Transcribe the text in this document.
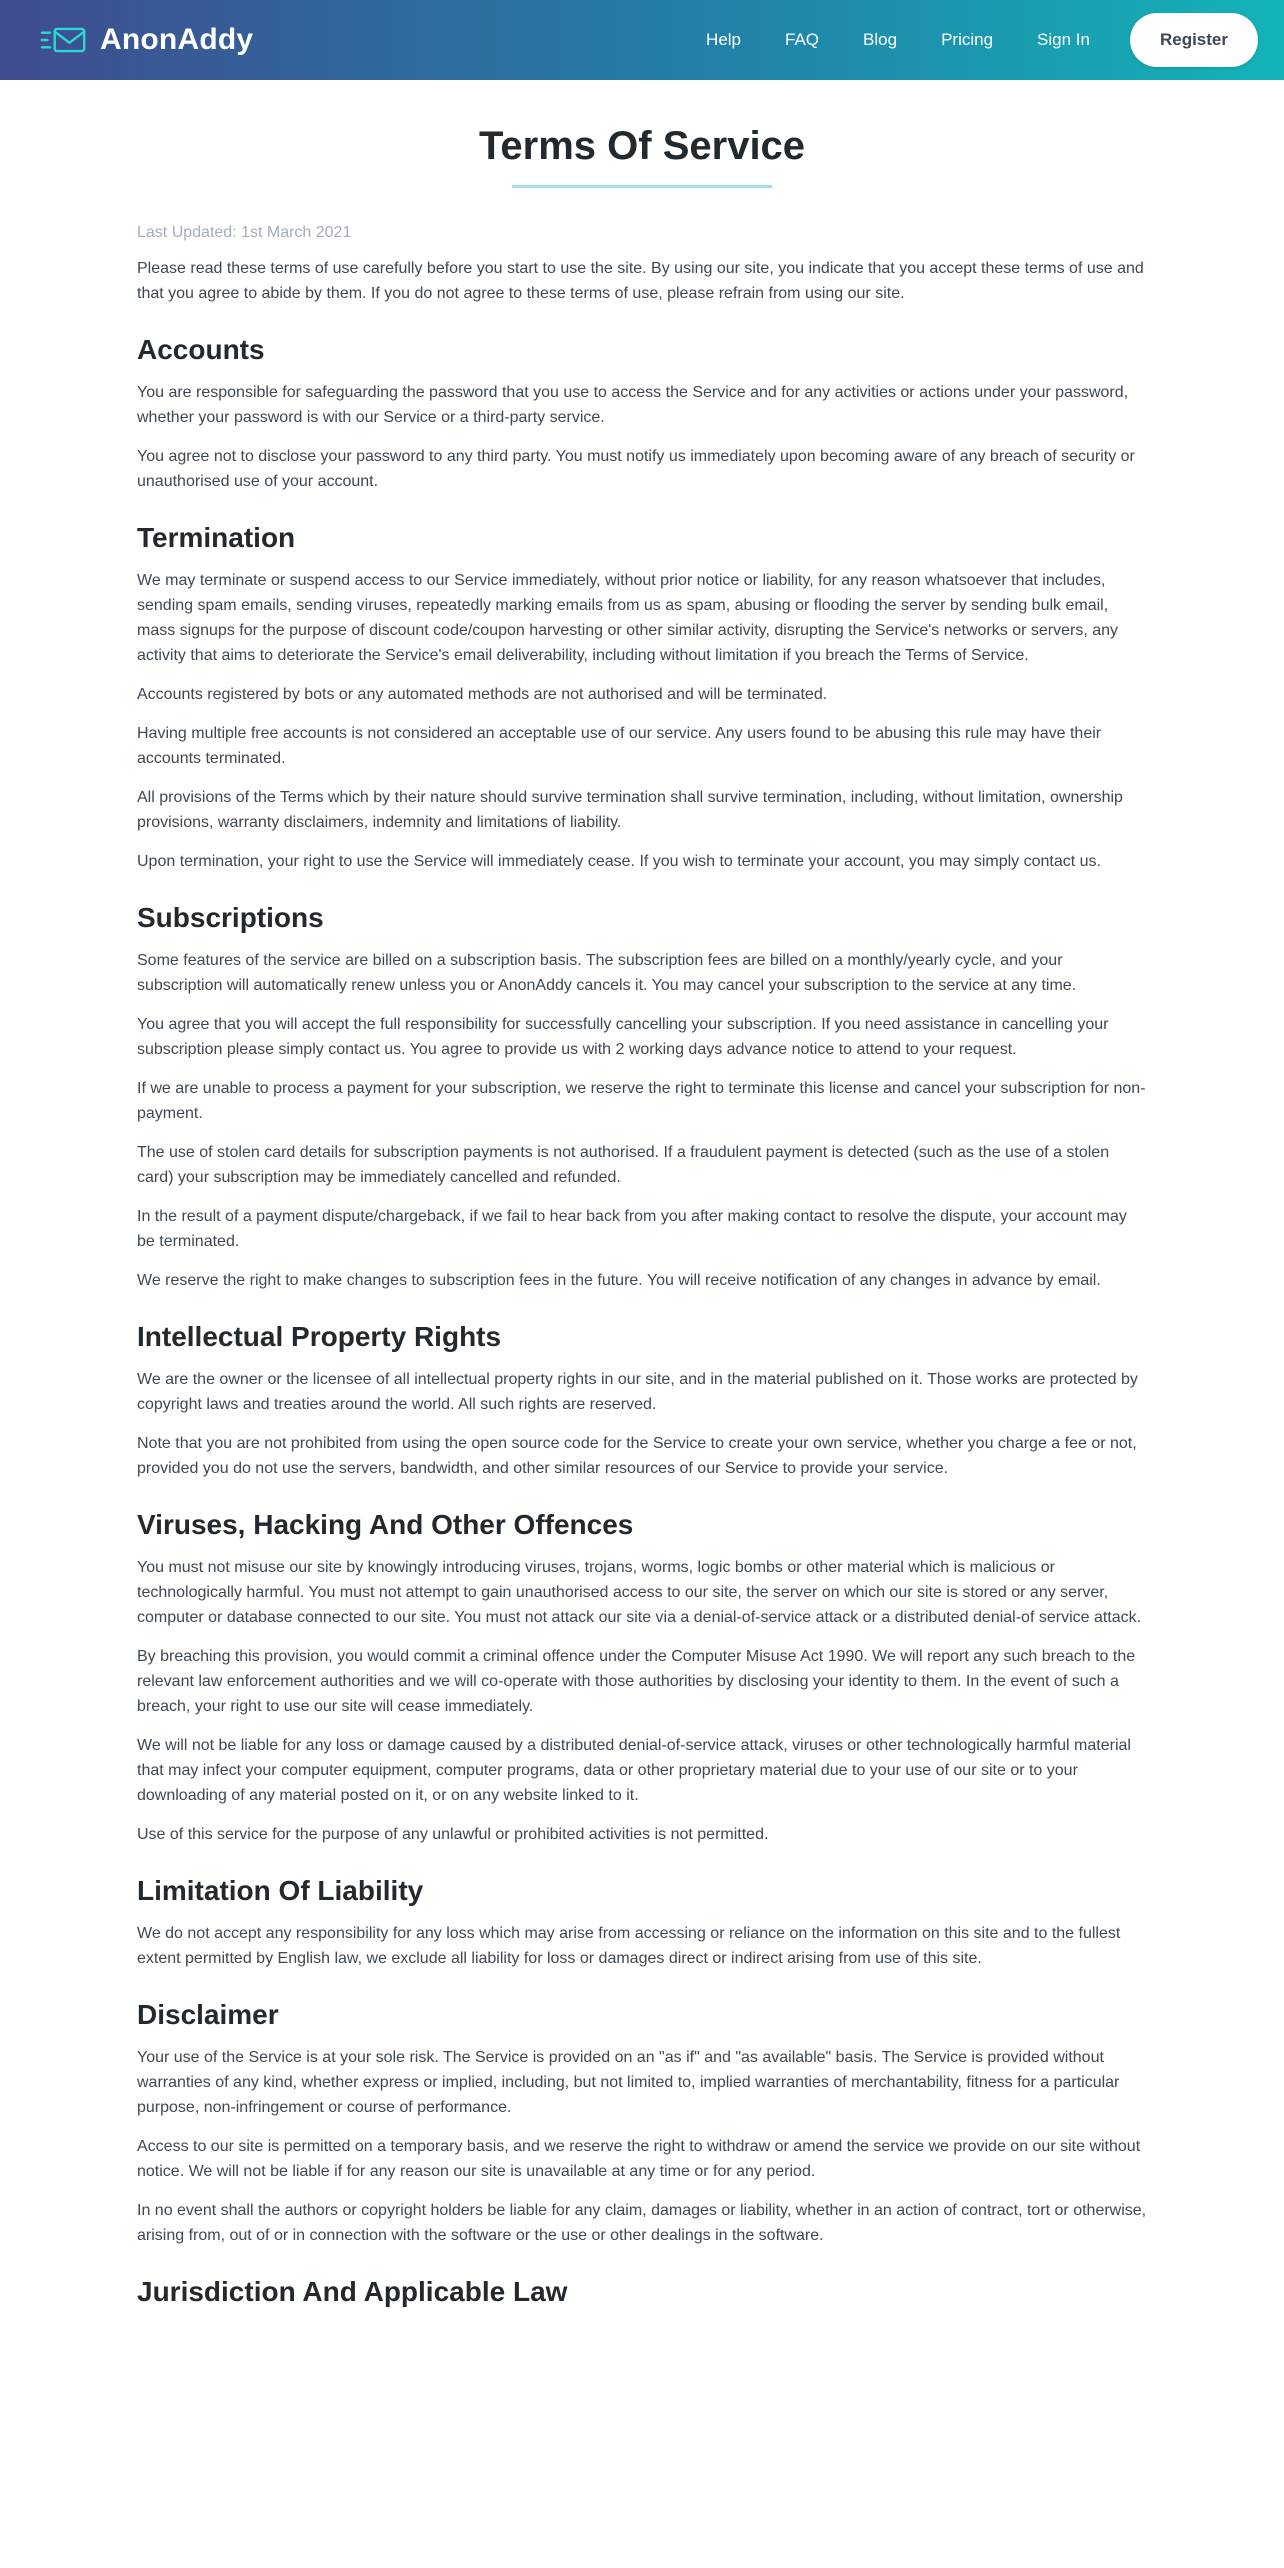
AnonAddy	Help	FAQ	Blog	Pricing	Sign In	Register
Terms Of Service

Last Updated: 1st March 2021

Please read these terms of use carefully before you start to use the site. By using our site, you indicate that you accept these terms of use and that you agree to abide by them. If you do not agree to these terms of use, please refrain from using our site.

Accounts

You are responsible for safeguarding the password that you use to access the Service and for any activities or actions under your password, whether your password is with our Service or a third-party service.

You agree not to disclose your password to any third party. You must notify us immediately upon becoming aware of any breach of security or unauthorised use of your account.

Termination

We may terminate or suspend access to our Service immediately, without prior notice or liability, for any reason whatsoever that includes, sending spam emails, sending viruses, repeatedly marking emails from us as spam, abusing or flooding the server by sending bulk email, mass signups for the purpose of discount code/coupon harvesting or other similar activity, disrupting the Service's networks or servers, any activity that aims to deteriorate the Service's email deliverability, including without limitation if you breach the Terms of Service.

Accounts registered by bots or any automated methods are not authorised and will be terminated.

Having multiple free accounts is not considered an acceptable use of our service. Any users found to be abusing this rule may have their accounts terminated.

All provisions of the Terms which by their nature should survive termination shall survive termination, including, without limitation, ownership provisions, warranty disclaimers, indemnity and limitations of liability.

Upon termination, your right to use the Service will immediately cease. If you wish to terminate your account, you may simply contact us.

Subscriptions

Some features of the service are billed on a subscription basis. The subscription fees are billed on a monthly/yearly cycle, and your subscription will automatically renew unless you or AnonAddy cancels it. You may cancel your subscription to the service at any time.

You agree that you will accept the full responsibility for successfully cancelling your subscription. If you need assistance in cancelling your subscription please simply contact us. You agree to provide us with 2 working days advance notice to attend to your request.

If we are unable to process a payment for your subscription, we reserve the right to terminate this license and cancel your subscription for non-payment.

The use of stolen card details for subscription payments is not authorised. If a fraudulent payment is detected (such as the use of a stolen card) your subscription may be immediately cancelled and refunded.

In the result of a payment dispute/chargeback, if we fail to hear back from you after making contact to resolve the dispute, your account may be terminated.

We reserve the right to make changes to subscription fees in the future. You will receive notification of any changes in advance by email.

Intellectual Property Rights

We are the owner or the licensee of all intellectual property rights in our site, and in the material published on it. Those works are protected by copyright laws and treaties around the world. All such rights are reserved.

Note that you are not prohibited from using the open source code for the Service to create your own service, whether you charge a fee or not, provided you do not use the servers, bandwidth, and other similar resources of our Service to provide your service.

Viruses, Hacking And Other Offences

You must not misuse our site by knowingly introducing viruses, trojans, worms, logic bombs or other material which is malicious or technologically harmful. You must not attempt to gain unauthorised access to our site, the server on which our site is stored or any server, computer or database connected to our site. You must not attack our site via a denial-of-service attack or a distributed denial-of service attack.

By breaching this provision, you would commit a criminal offence under the Computer Misuse Act 1990. We will report any such breach to the relevant law enforcement authorities and we will co-operate with those authorities by disclosing your identity to them. In the event of such a breach, your right to use our site will cease immediately.

We will not be liable for any loss or damage caused by a distributed denial-of-service attack, viruses or other technologically harmful material that may infect your computer equipment, computer programs, data or other proprietary material due to your use of our site or to your downloading of any material posted on it, or on any website linked to it.

Use of this service for the purpose of any unlawful or prohibited activities is not permitted.

Limitation Of Liability

We do not accept any responsibility for any loss which may arise from accessing or reliance on the information on this site and to the fullest extent permitted by English law, we exclude all liability for loss or damages direct or indirect arising from use of this site.

Disclaimer

Your use of the Service is at your sole risk. The Service is provided on an "as if" and "as available" basis. The Service is provided without warranties of any kind, whether express or implied, including, but not limited to, implied warranties of merchantability, fitness for a particular purpose, non-infringement or course of performance.

Access to our site is permitted on a temporary basis, and we reserve the right to withdraw or amend the service we provide on our site without notice. We will not be liable if for any reason our site is unavailable at any time or for any period.

In no event shall the authors or copyright holders be liable for any claim, damages or liability, whether in an action of contract, tort or otherwise, arising from, out of or in connection with the software or the use or other dealings in the software.

Jurisdiction And Applicable Law
